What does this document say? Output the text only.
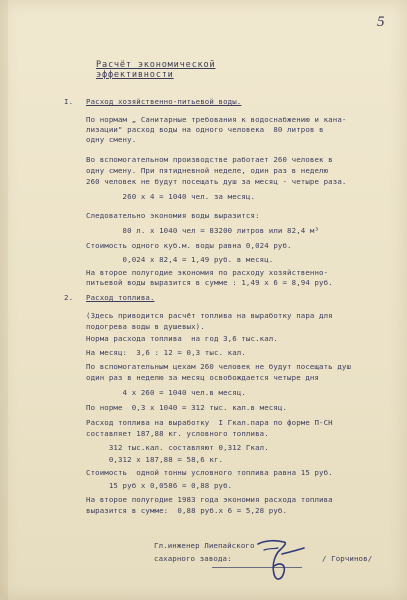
5
Расчёт экономической эффективности
I. Расход хозяйственно-питьевой воды.
По нормам „ Санитарные требования к водоснабжению и кана-
лизации" расход воды на одного человека  80 литров в
одну смену.
Во вспомогательном производстве работает 260 человек в
одну смену. При пятидневной неделе, один раз в неделю
260 человек не будут посещать душ за месяц - четыре раза.
260 х 4 = 1040 чел. за месяц.
Следовательно экономия воды выразится:
80 л. х 1040 чел = 83200 литров или 82,4 м³
Стоимость одного куб.м. воды равна 0,024 руб.
0,024 х 82,4 = 1,49 руб. в месяц.
На второе полугодие экономия по расходу хозяйственно-
питьевой воды выразится в сумме : 1,49 х 6 = 8,94 руб.
2. Расход топлива.
(Здесь приводится расчёт топлива на выработку пара для
подогрева воды в душевых).
Норма расхода топлива  на год 3,6 тыс.кал.
На месяц:  3,6 : 12 = 0,3 тыс. кал.
По вспомогательным цехам 260 человек не будут посещать душ
один раз в неделю за месяц освобождается четыре дня
4 х 260 = 1040 чел.в месяц.
По норме  0,3 х 1040 = 312 тыс. кал.в месяц.
Расход топлива на выработку  I Гкал.пара по форме П-СН
составляет 187,88 кг. условного топлива.
312 тыс.кал. составляют 0,312 Гкал.
0,312 х 187,88 = 58,6 кг.
Стоимость  одной тонны условного топлива равна 15 руб.
15 руб х 0,0586 = 0,88 руб.
На второе полугодие 1983 года экономия расхода топлива
выразится в сумме:  0,88 руб.х 6 = 5,28 руб.
Гл.инженер Лиепайского
сахарного завода:	/ Горчинов/
